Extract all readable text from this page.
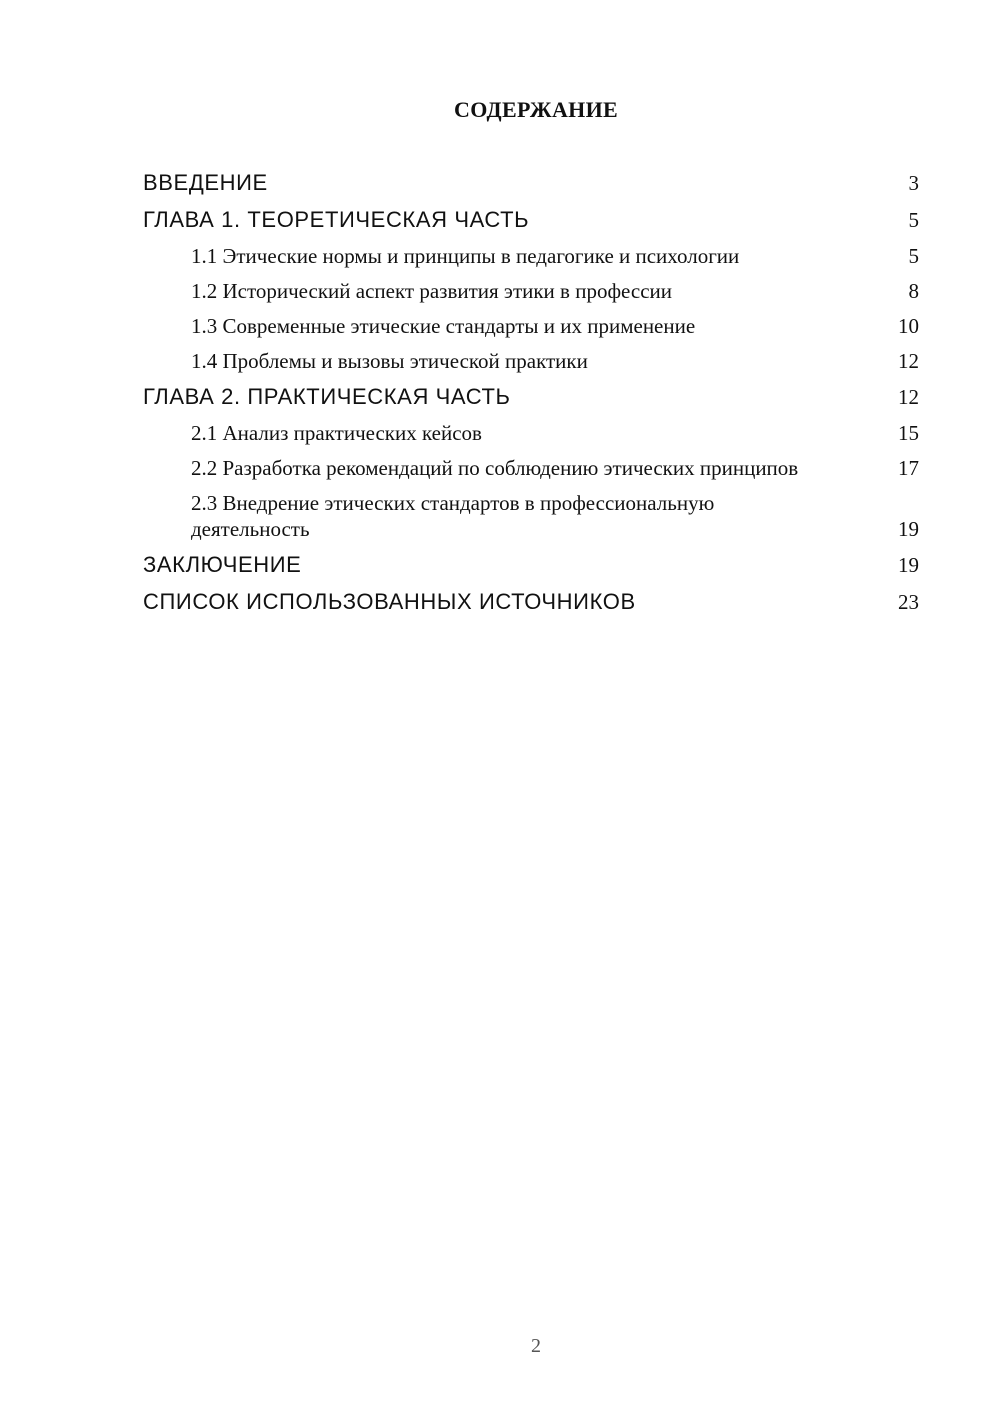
СОДЕРЖАНИЕ
ВВЕДЕНИЕ	3
ГЛАВА 1. ТЕОРЕТИЧЕСКАЯ ЧАСТЬ	5
1.1 Этические нормы и принципы в педагогике и психологии	5
1.2 Исторический аспект развития этики в профессии	8
1.3 Современные этические стандарты и их применение	10
1.4 Проблемы и вызовы этической практики	12
ГЛАВА 2. ПРАКТИЧЕСКАЯ ЧАСТЬ	12
2.1 Анализ практических кейсов	15
2.2 Разработка рекомендаций по соблюдению этических принципов	17
2.3 Внедрение этических стандартов в профессиональную деятельность	19
ЗАКЛЮЧЕНИЕ	19
СПИСОК ИСПОЛЬЗОВАННЫХ ИСТОЧНИКОВ	23
2
